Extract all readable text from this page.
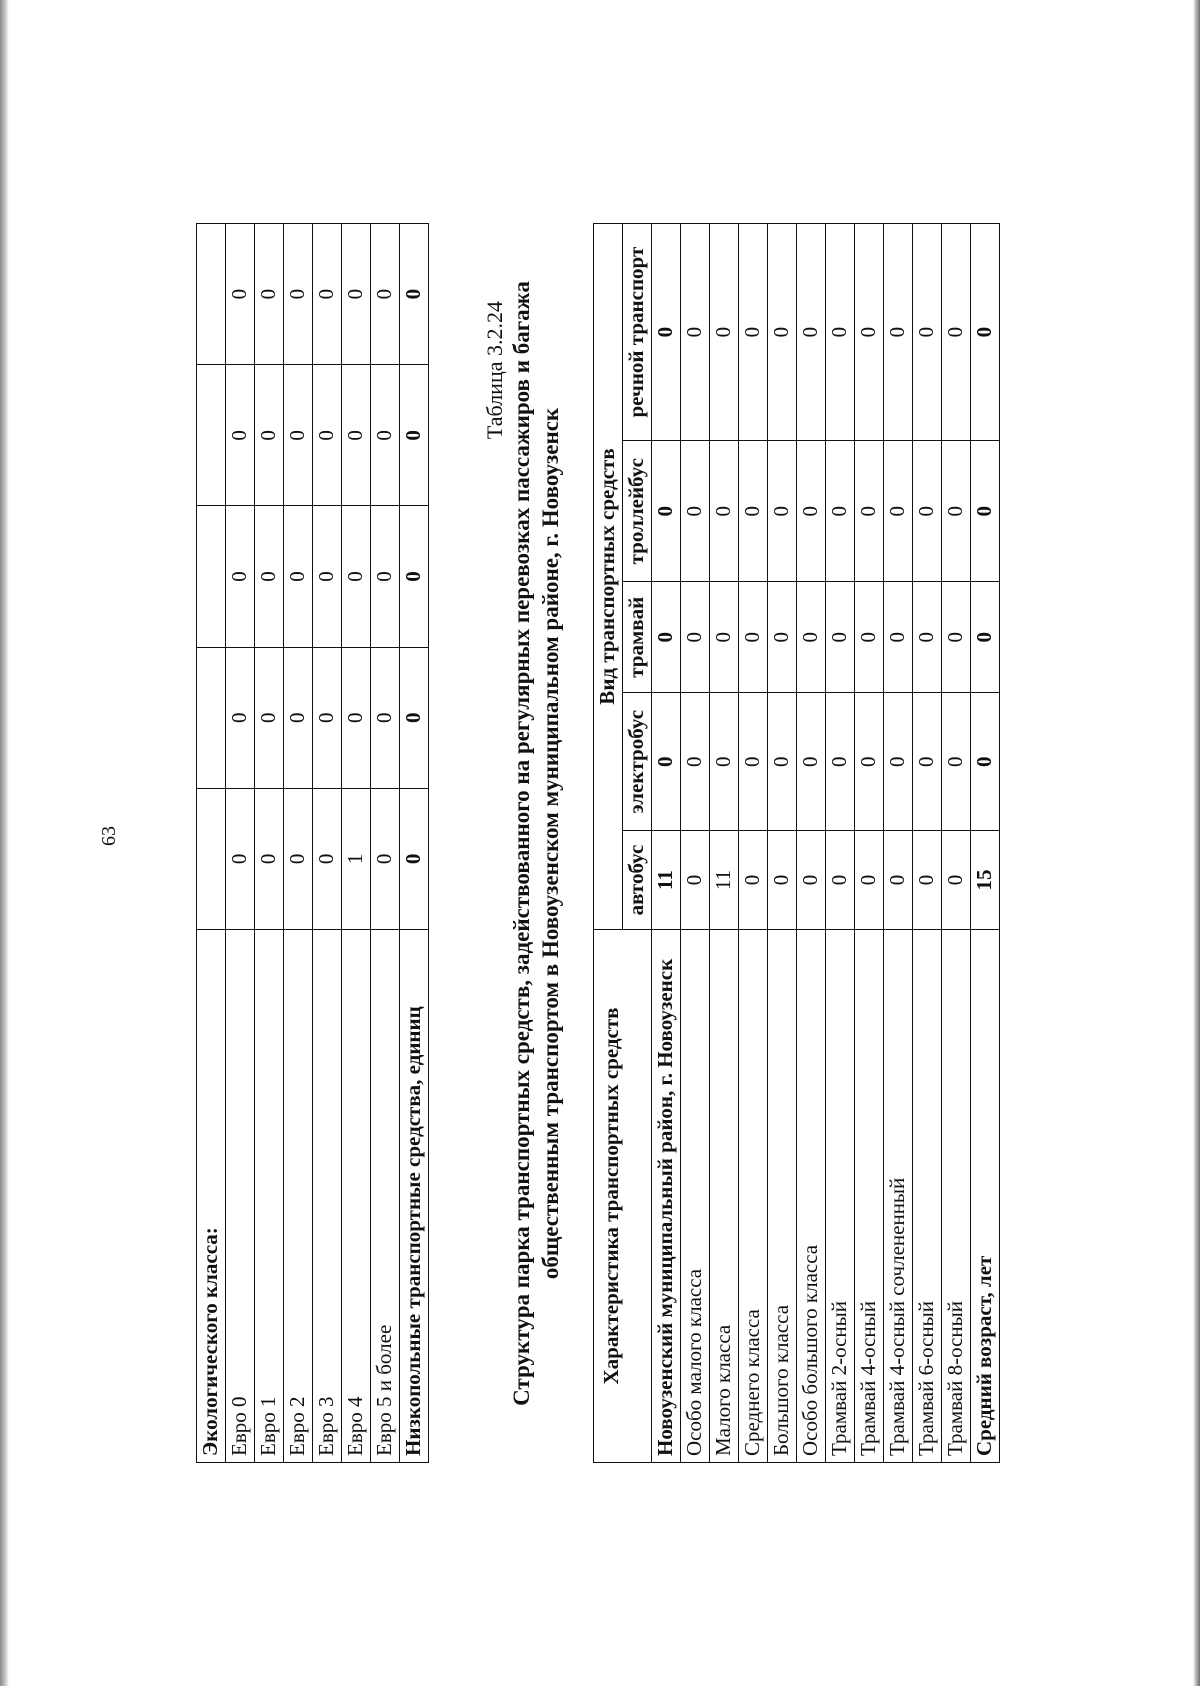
63
Экологического класса:					
Евро 0	0	0	0	0	0
Евро 1	0	0	0	0	0
Евро 2	0	0	0	0	0
Евро 3	0	0	0	0	0
Евро 4	1	0	0	0	0
Евро 5 и более	0	0	0	0	0
Низкопольные транспортные средства, единиц	0	0	0	0	0
Таблица 3.2.24 Структура парка транспортных средств, задействованного на регулярных перевозках пассажиров и багажа общественным транспортом в Новоузенском муниципальном районе, г. Новоузенск Характеристика транспортных средств	Вид транспортных средств				
	автобус	электробус	трамвай	троллейбус	речной транспорт
Новоузенский муниципальный район, г. Новоузенск	11	0	0	0	0
Особо малого класса	0	0	0	0	0
Малого класса	11	0	0	0	0
Среднего класса	0	0	0	0	0
Большого класса	0	0	0	0	0
Особо большого класса	0	0	0	0	0
Трамвай 2-осный	0	0	0	0	0
Трамвай 4-осный	0	0	0	0	0
Трамвай 4-осный сочлененный	0	0	0	0	0
Трамвай 6-осный	0	0	0	0	0
Трамвай 8-осный	0	0	0	0	0
Средний возраст, лет	15	0	0	0	0
